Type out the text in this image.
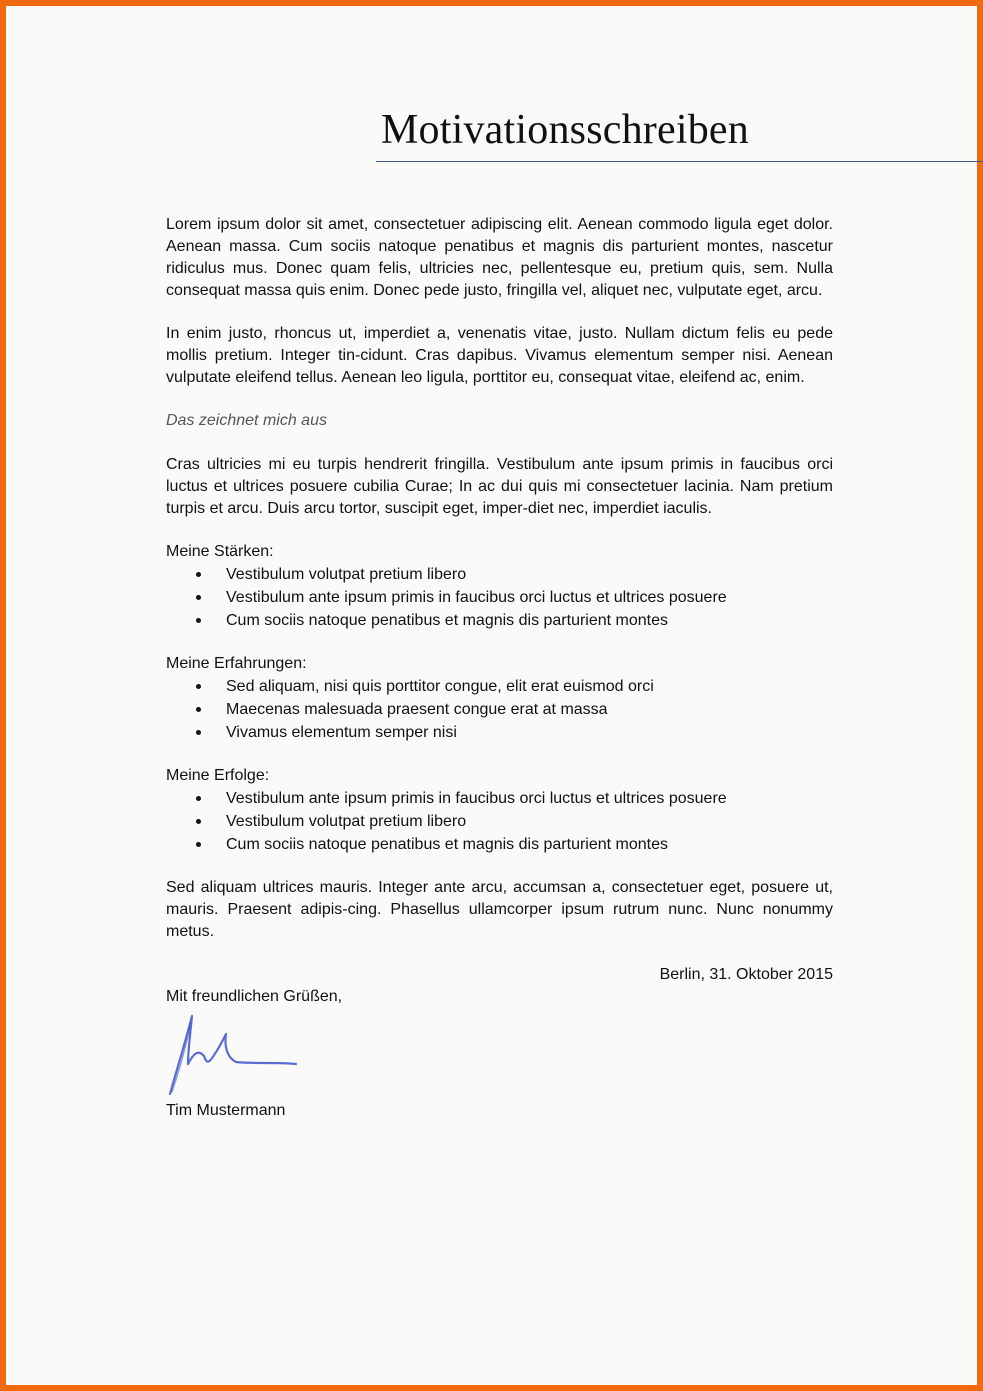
Motivationsschreiben

Lorem ipsum dolor sit amet, consectetuer adipiscing elit. Aenean commodo ligula eget dolor. Aenean massa. Cum sociis natoque penatibus et magnis dis parturient montes, nascetur ridiculus mus. Donec quam felis, ultricies nec, pellentesque eu, pretium quis, sem. Nulla consequat massa quis enim. Donec pede justo, fringilla vel, aliquet nec, vulputate eget, arcu.

In enim justo, rhoncus ut, imperdiet a, venenatis vitae, justo. Nullam dictum felis eu pede mollis pretium. Integer tin-cidunt. Cras dapibus. Vivamus elementum semper nisi. Aenean vulputate eleifend tellus. Aenean leo ligula, porttitor eu, consequat vitae, eleifend ac, enim.

Das zeichnet mich aus

Cras ultricies mi eu turpis hendrerit fringilla. Vestibulum ante ipsum primis in faucibus orci luctus et ultrices posuere cubilia Curae; In ac dui quis mi consectetuer lacinia. Nam pretium turpis et arcu. Duis arcu tortor, suscipit eget, imper-diet nec, imperdiet iaculis.

Meine Stärken:

Vestibulum volutpat pretium libero
Vestibulum ante ipsum primis in faucibus orci luctus et ultrices posuere
Cum sociis natoque penatibus et magnis dis parturient montes

Meine Erfahrungen:

Sed aliquam, nisi quis porttitor congue, elit erat euismod orci
Maecenas malesuada praesent congue erat at massa
Vivamus elementum semper nisi

Meine Erfolge:

Vestibulum ante ipsum primis in faucibus orci luctus et ultrices posuere
Vestibulum volutpat pretium libero
Cum sociis natoque penatibus et magnis dis parturient montes

Sed aliquam ultrices mauris. Integer ante arcu, accumsan a, consectetuer eget, posuere ut, mauris. Praesent adipis-cing. Phasellus ullamcorper ipsum rutrum nunc. Nunc nonummy metus.

Berlin, 31. Oktober 2015

Mit freundlichen Grüßen,

Tim Mustermann
